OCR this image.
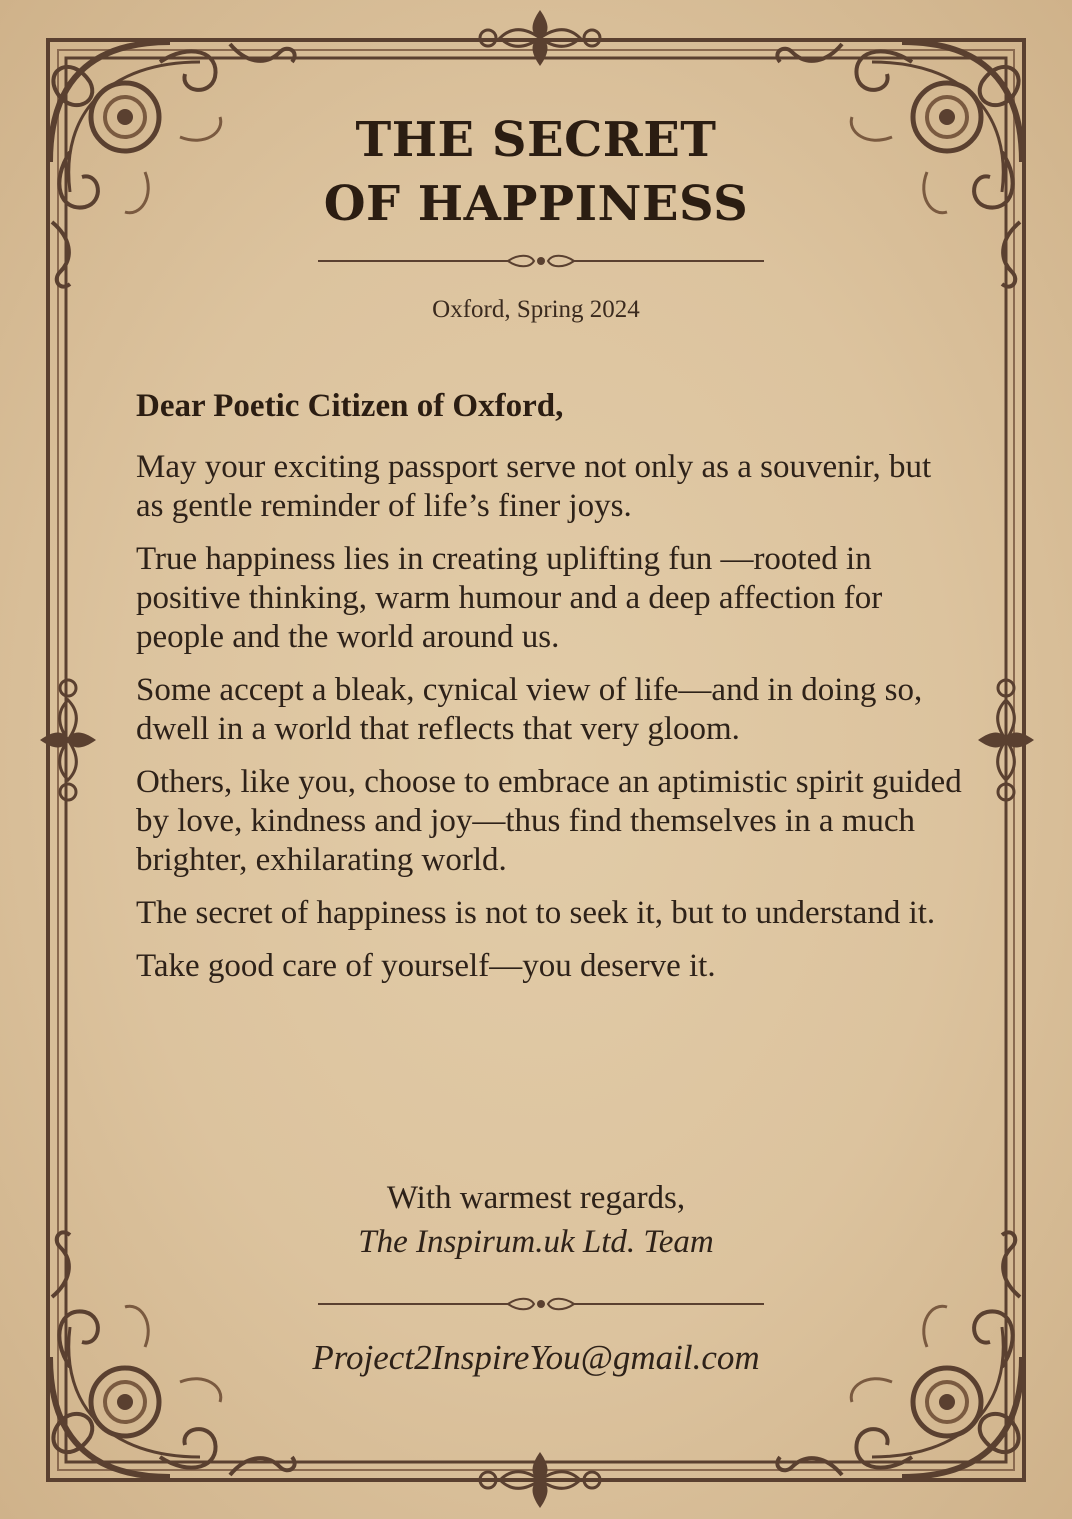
THE SECRET
OF HAPPINESS
Oxford, Spring 2024
Dear Poetic Citizen of Oxford,

May your exciting passport serve not only as a souvenir, but as gentle reminder of life’s finer joys.

True happiness lies in creating uplifting fun —rooted in positive thinking, warm humour and a deep affection for people and the world around us.

Some accept a bleak, cynical view of life—and in doing so, dwell in a world that reflects that very gloom.

Others, like you, choose to embrace an aptimistic spirit guided by love, kindness and joy—thus find themselves in a much brighter, exhilarating world.

The secret of happiness is not to seek it, but to understand it.

Take good care of yourself—you deserve it.

With warmest regards,
The Inspirum.uk Ltd. Team
Project2InspireYou@gmail.com
